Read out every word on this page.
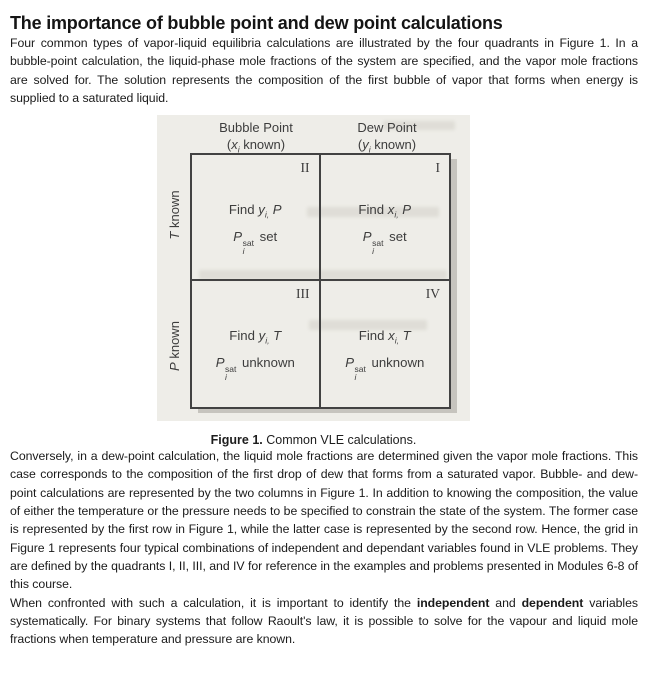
The importance of bubble point and dew point calculations

Four common types of vapor-liquid equilibria calculations are illustrated by the four quadrants in Figure 1. In a bubble-point calculation, the liquid-phase mole fractions of the system are specified, and the vapor mole fractions are solved for. The solution represents the composition of the first bubble of vapor that forms when energy is supplied to a saturated liquid.

Bubble Point
($x_i$ known)
Dew Point
($y_i$ known)
T known
P known
II
Find $y_{i,}$ P
P sat
i
set
I
Find $x_{i,}$ P
P sat
i
set
III
Find $y_{i,}$ T
P sat
i
unknown
IV
Find $x_{i,}$ T
P sat
i
unknown
Figure 1. Common VLE calculations.

Conversely, in a dew-point calculation, the liquid mole fractions are determined given the vapor mole fractions. This case corresponds to the composition of the first drop of dew that forms from a saturated vapor. Bubble- and dew-point calculations are represented by the two columns in Figure 1. In addition to knowing the composition, the value of either the temperature or the pressure needs to be specified to constrain the state of the system. The former case is represented by the first row in Figure 1, while the latter case is represented by the second row. Hence, the grid in Figure 1 represents four typical combinations of independent and dependant variables found in VLE problems. They are defined by the quadrants I, II, III, and IV for reference in the examples and problems presented in Modules 6-8 of this course.

When confronted with such a calculation, it is important to identify the independent and dependent variables systematically. For binary systems that follow Raoult's law, it is possible to solve for the vapour and liquid mole fractions when temperature and pressure are known.
